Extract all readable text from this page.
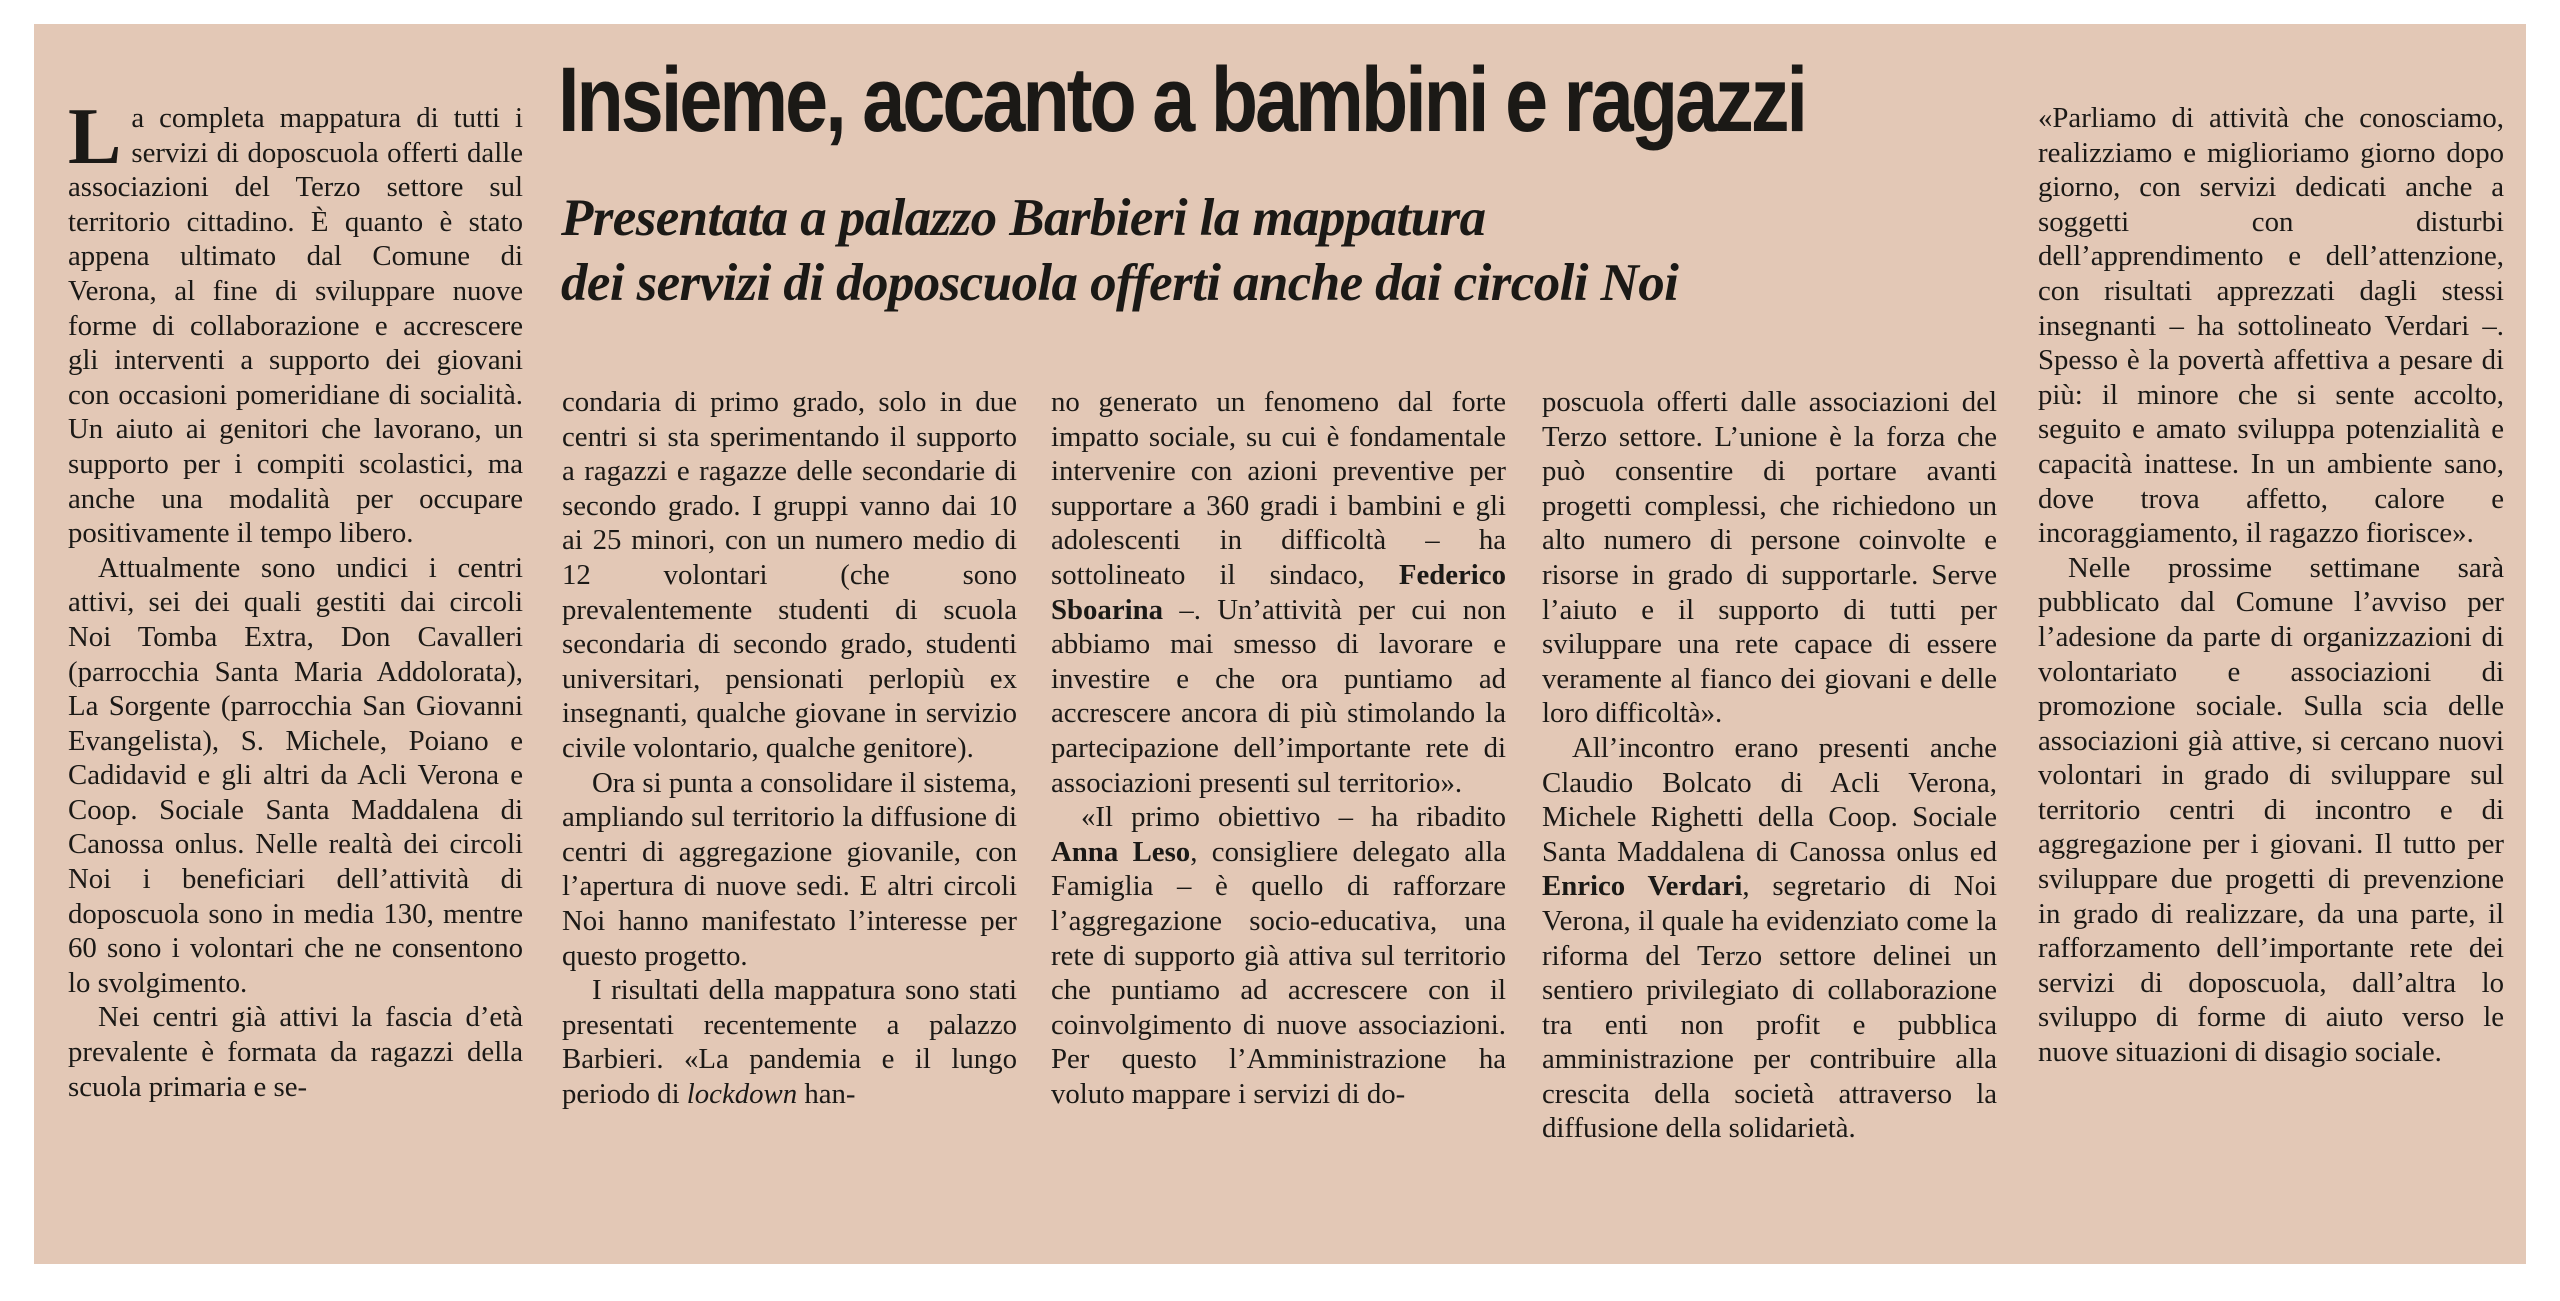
Insieme, accanto a bambini e ragazzi
Presentata a palazzo Barbieri la mappatura
dei servizi di doposcuola offerti anche dai circoli Noi

La completa mappatura di tutti i servizi di doposcuola offerti dalle associazioni del Terzo settore sul territorio cittadino. È quanto è stato appena ultimato dal Comune di Verona, al fine di sviluppare nuove forme di collaborazione e accrescere gli interventi a supporto dei giovani con occasioni pomeridiane di socialità. Un aiuto ai genitori che lavorano, un supporto per i compiti scolastici, ma anche una modalità per occupare positivamente il tempo libero.

Attualmente sono undici i centri attivi, sei dei quali gestiti dai circoli Noi Tomba Extra, Don Cavalleri (parrocchia Santa Maria Addolorata), La Sorgente (parrocchia San Giovanni Evangelista), S. Michele, Poiano e Cadidavid e gli altri da Acli Verona e Coop. Sociale Santa Maddalena di Canossa onlus. Nelle realtà dei circoli Noi i beneficiari dell’attività di doposcuola sono in media 130, mentre 60 sono i volontari che ne consentono lo svolgimento.

Nei centri già attivi la fascia d’età prevalente è formata da ragazzi della scuola primaria e se-

condaria di primo grado, solo in due centri si sta sperimentando il supporto a ragazzi e ragazze delle secondarie di secondo grado. I gruppi vanno dai 10 ai 25 minori, con un numero medio di 12 volontari (che sono prevalentemente studenti di scuola secondaria di secondo grado, studenti universitari, pensionati perlopiù ex insegnanti, qualche giovane in servizio civile volontario, qualche genitore).

Ora si punta a consolidare il sistema, ampliando sul territorio la diffusione di centri di aggregazione giovanile, con l’apertura di nuove sedi. E altri circoli Noi hanno manifestato l’interesse per questo progetto.

I risultati della mappatura sono stati presentati recentemente a palazzo Barbieri. «La pandemia e il lungo periodo di lockdown han-

no generato un fenomeno dal forte impatto sociale, su cui è fondamentale intervenire con azioni preventive per supportare a 360 gradi i bambini e gli adolescenti in difficoltà – ha sottolineato il sindaco, Federico Sboarina –. Un’attività per cui non abbiamo mai smesso di lavorare e investire e che ora puntiamo ad accrescere ancora di più stimolando la partecipazione dell’importante rete di associazioni presenti sul territorio».

«Il primo obiettivo – ha ribadito Anna Leso, consigliere delegato alla Famiglia – è quello di rafforzare l’aggregazione socio-educativa, una rete di supporto già attiva sul territorio che puntiamo ad accrescere con il coinvolgimento di nuove associazioni. Per questo l’Amministrazione ha voluto mappare i servizi di do-

poscuola offerti dalle associazioni del Terzo settore. L’unione è la forza che può consentire di portare avanti progetti complessi, che richiedono un alto numero di persone coinvolte e risorse in grado di supportarle. Serve l’aiuto e il supporto di tutti per sviluppare una rete capace di essere veramente al fianco dei giovani e delle loro difficoltà».

All’incontro erano presenti anche Claudio Bolcato di Acli Verona, Michele Righetti della Coop. Sociale Santa Maddalena di Canossa onlus ed Enrico Verdari, segretario di Noi Verona, il quale ha evidenziato come la riforma del Terzo settore delinei un sentiero privilegiato di collaborazione tra enti non profit e pubblica amministrazione per contribuire alla crescita della società attraverso la diffusione della solidarietà.

«Parliamo di attività che conosciamo, realizziamo e miglioriamo giorno dopo giorno, con servizi dedicati anche a soggetti con disturbi dell’apprendimento e dell’attenzione, con risultati apprezzati dagli stessi insegnanti – ha sottolineato Verdari –. Spesso è la povertà affettiva a pesare di più: il minore che si sente accolto, seguito e amato sviluppa potenzialità e capacità inattese. In un ambiente sano, dove trova affetto, calore e incoraggiamento, il ragazzo fiorisce».

Nelle prossime settimane sarà pubblicato dal Comune l’avviso per l’adesione da parte di organizzazioni di volontariato e associazioni di promozione sociale. Sulla scia delle associazioni già attive, si cercano nuovi volontari in grado di sviluppare sul territorio centri di incontro e di aggregazione per i giovani. Il tutto per sviluppare due progetti di prevenzione in grado di realizzare, da una parte, il rafforzamento dell’importante rete dei servizi di doposcuola, dall’altra lo sviluppo di forme di aiuto verso le nuove situazioni di disagio sociale.
